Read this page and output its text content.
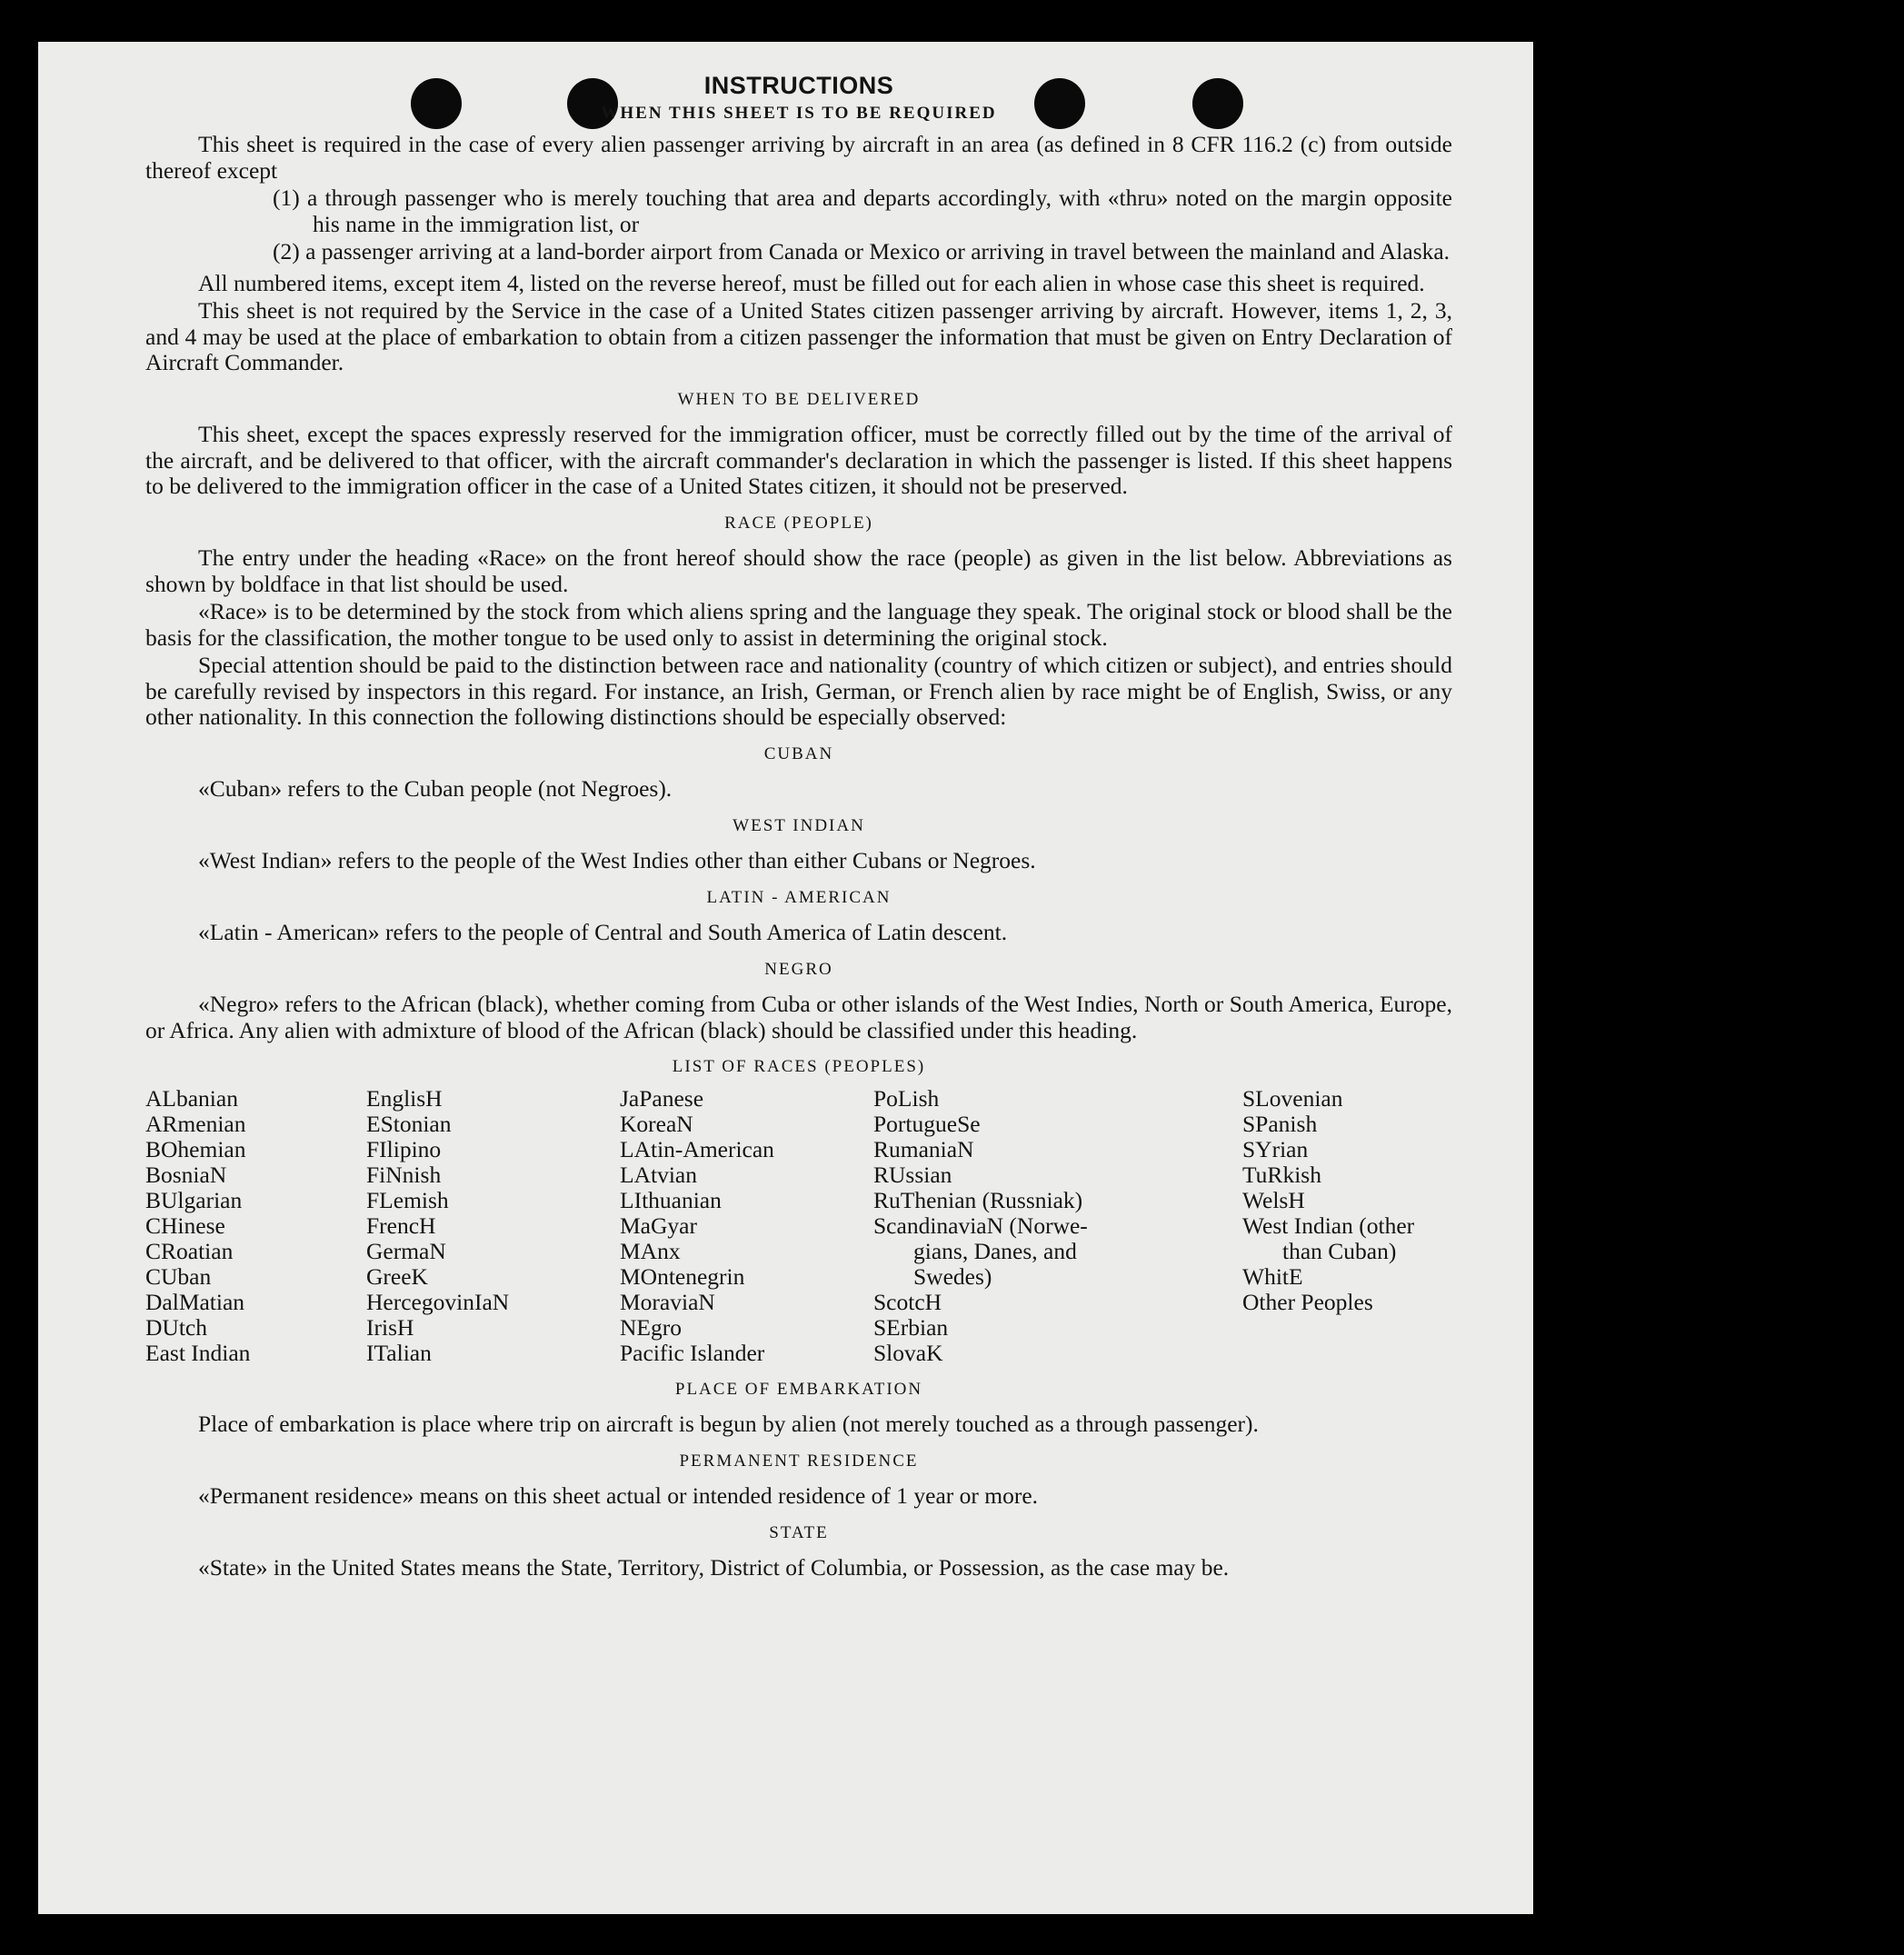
INSTRUCTIONS
WHEN THIS SHEET IS TO BE REQUIRED

This sheet is required in the case of every alien passenger arriving by aircraft in an area (as defined in 8 CFR 116.2 (c) from outside thereof except

(1) a through passenger who is merely touching that area and departs accordingly, with «thru» noted on the margin opposite his name in the immigration list, or

(2) a passenger arriving at a land-border airport from Canada or Mexico or arriving in travel between the mainland and Alaska.

All numbered items, except item 4, listed on the reverse hereof, must be filled out for each alien in whose case this sheet is required.

This sheet is not required by the Service in the case of a United States citizen passenger arriving by aircraft. However, items 1, 2, 3, and 4 may be used at the place of embarkation to obtain from a citizen passenger the information that must be given on Entry Declaration of Aircraft Commander.

WHEN TO BE DELIVERED

This sheet, except the spaces expressly reserved for the immigration officer, must be correctly filled out by the time of the arrival of the aircraft, and be delivered to that officer, with the aircraft commander's declaration in which the passenger is listed. If this sheet happens to be delivered to the immigration officer in the case of a United States citizen, it should not be preserved.

RACE (PEOPLE)

The entry under the heading «Race» on the front hereof should show the race (people) as given in the list below. Abbreviations as shown by boldface in that list should be used.

«Race» is to be determined by the stock from which aliens spring and the language they speak. The original stock or blood shall be the basis for the classification, the mother tongue to be used only to assist in determining the original stock.

Special attention should be paid to the distinction between race and nationality (country of which citizen or subject), and entries should be carefully revised by inspectors in this regard. For instance, an Irish, German, or French alien by race might be of English, Swiss, or any other nationality. In this connection the following distinctions should be especially observed:

CUBAN

«Cuban» refers to the Cuban people (not Negroes).

WEST INDIAN

«West Indian» refers to the people of the West Indies other than either Cubans or Negroes.

LATIN - AMERICAN

«Latin - American» refers to the people of Central and South America of Latin descent.

NEGRO

«Negro» refers to the African (black), whether coming from Cuba or other islands of the West Indies, North or South America, Europe, or Africa. Any alien with admixture of blood of the African (black) should be classified under this heading.

LIST OF RACES (PEOPLES)
ALbanian
ARmenian
BOhemian
BosniaN
BUlgarian
CHinese
CRoatian
CUban
DalMatian
DUtch
East Indian
EnglisH
EStonian
FIlipino
FiNnish
FLemish
FrencH
GermaN
GreeK
HercegovinIaN
IrisH
ITalian
JaPanese
KoreaN
LAtin-American
LAtvian
LIthuanian
MaGyar
MAnx
MOntenegrin
MoraviaN
NEgro
Pacific Islander
PoLish
PortugueSe
RumaniaN
RUssian
RuThenian (Russniak)
ScandinaviaN (Norwe-
gians, Danes, and
Swedes)
ScotcH
SErbian
SlovaK
SLovenian
SPanish
SYrian
TuRkish
WelsH
West Indian (other
than Cuban)
WhitE
Other Peoples
PLACE OF EMBARKATION

Place of embarkation is place where trip on aircraft is begun by alien (not merely touched as a through passenger).

PERMANENT RESIDENCE

«Permanent residence» means on this sheet actual or intended residence of 1 year or more.

STATE

«State» in the United States means the State, Territory, District of Columbia, or Possession, as the case may be.
